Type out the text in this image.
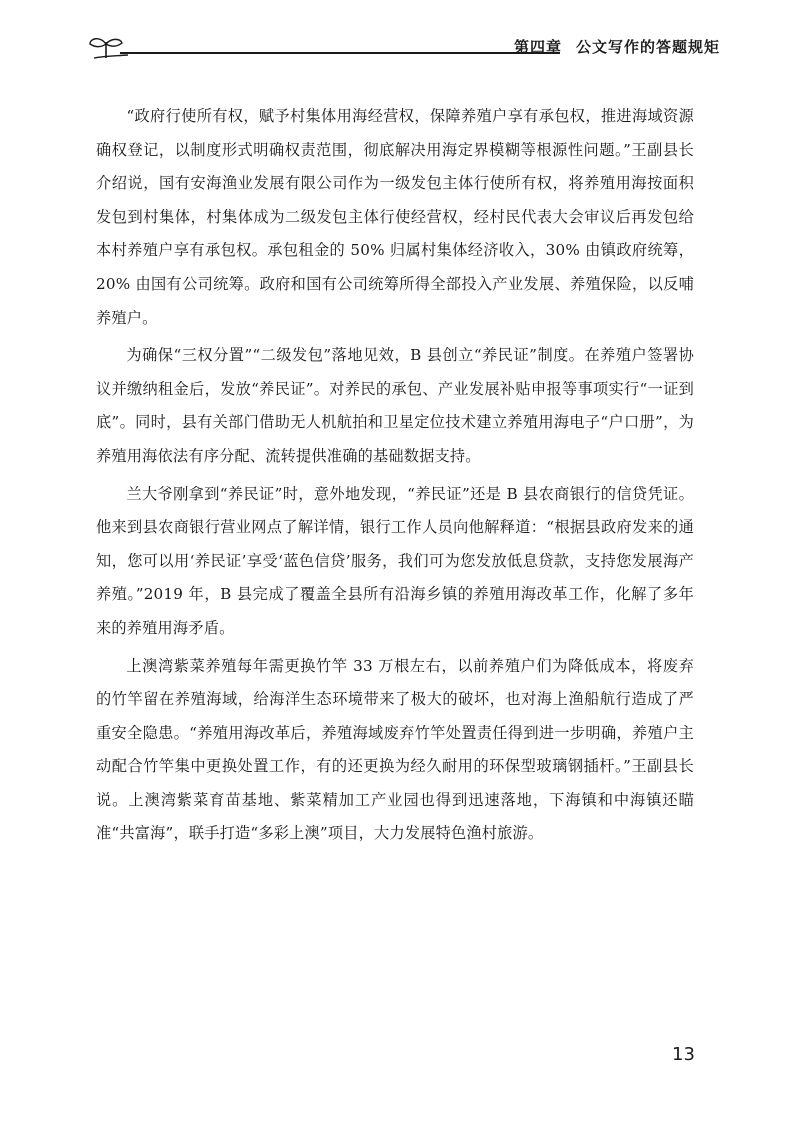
第四章 公文写作的答题规矩

“政府行使所有权，赋予村集体用海经营权，保障养殖户享有承包权，推进海域资源确权登记，以制度形式明确权责范围，彻底解决用海定界模糊等根源性问题。”王副县长介绍说，国有安海渔业发展有限公司作为一级发包主体行使所有权，将养殖用海按面积发包到村集体，村集体成为二级发包主体行使经营权，经村民代表大会审议后再发包给本村养殖户享有承包权。承包租金的 50% 归属村集体经济收入，30% 由镇政府统筹，20% 由国有公司统筹。政府和国有公司统筹所得全部投入产业发展、养殖保险，以反哺养殖户。

为确保“三权分置”“二级发包”落地见效，B 县创立“养民证”制度。在养殖户签署协议并缴纳租金后，发放“养民证”。对养民的承包、产业发展补贴申报等事项实行“一证到底”。同时，县有关部门借助无人机航拍和卫星定位技术建立养殖用海电子“户口册”，为养殖用海依法有序分配、流转提供准确的基础数据支持。

兰大爷刚拿到“养民证”时，意外地发现，“养民证”还是 B 县农商银行的信贷凭证。他来到县农商银行营业网点了解详情，银行工作人员向他解释道：“根据县政府发来的通知，您可以用‘养民证’享受‘蓝色信贷’服务，我们可为您发放低息贷款，支持您发展海产养殖。”2019 年，B 县完成了覆盖全县所有沿海乡镇的养殖用海改革工作，化解了多年来的养殖用海矛盾。

上澳湾紫菜养殖每年需更换竹竿 33 万根左右，以前养殖户们为降低成本，将废弃的竹竿留在养殖海域，给海洋生态环境带来了极大的破坏，也对海上渔船航行造成了严重安全隐患。“养殖用海改革后，养殖海域废弃竹竿处置责任得到进一步明确，养殖户主动配合竹竿集中更换处置工作，有的还更换为经久耐用的环保型玻璃钢插杆。”王副县长说。上澳湾紫菜育苗基地、紫菜精加工产业园也得到迅速落地，下海镇和中海镇还瞄准“共富海”，联手打造“多彩上澳”项目，大力发展特色渔村旅游。

13
